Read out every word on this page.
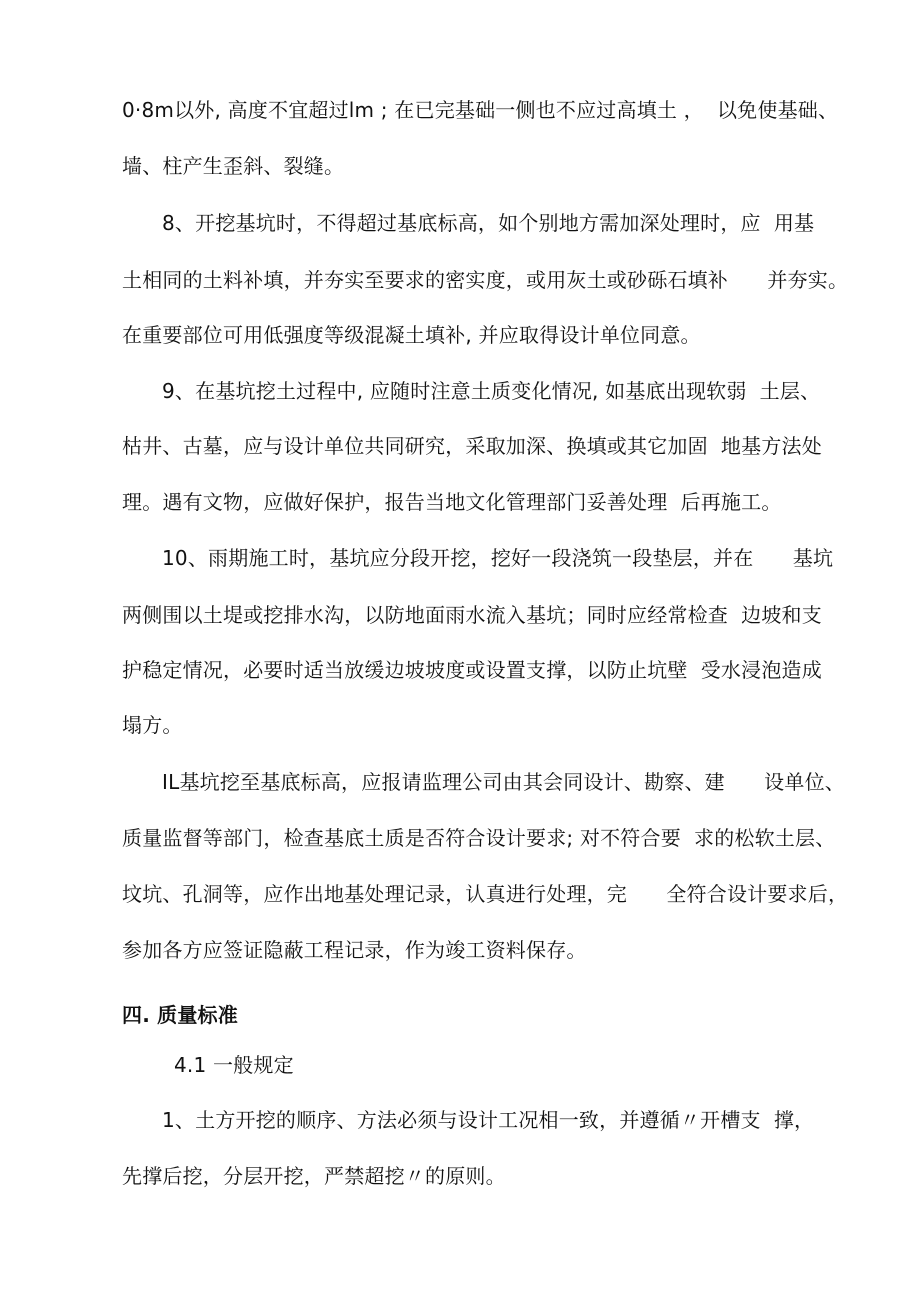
0·8m以外, 高度不宜超过lm ; 在已完基础一侧也不应过高填土 ，  以免使基础、
墙、柱产生歪斜、裂缝。
8、开挖基坑时，不得超过基底标高，如个别地方需加深处理时，应  用基
土相同的土料补填，并夯实至要求的密实度，或用灰土或砂砾石填补      并夯实。
在重要部位可用低强度等级混凝土填补, 并应取得设计单位同意。
9、在基坑挖土过程中, 应随时注意土质变化情况, 如基底出现软弱  土层、
枯井、古墓，应与设计单位共同研究，采取加深、换填或其它加固  地基方法处
理。遇有文物，应做好保护，报告当地文化管理部门妥善处理  后再施工。
10、雨期施工时，基坑应分段开挖，挖好一段浇筑一段垫层，并在      基坑
两侧围以土堤或挖排水沟，以防地面雨水流入基坑；同时应经常检查  边坡和支
护稳定情况，必要时适当放缓边坡坡度或设置支撑，以防止坑壁  受水浸泡造成
塌方。
IL基坑挖至基底标高，应报请监理公司由其会同设计、勘察、建      设单位、
质量监督等部门，检查基底土质是否符合设计要求; 对不符合要  求的松软土层、
坟坑、孔洞等，应作出地基处理记录，认真进行处理，完      全符合设计要求后，
参加各方应签证隐蔽工程记录，作为竣工资料保存。
四. 质量标准
4.1 一般规定
1、土方开挖的顺序、方法必须与设计工况相一致，并遵循〃开槽支  撑，
先撑后挖，分层开挖，严禁超挖〃的原则。
